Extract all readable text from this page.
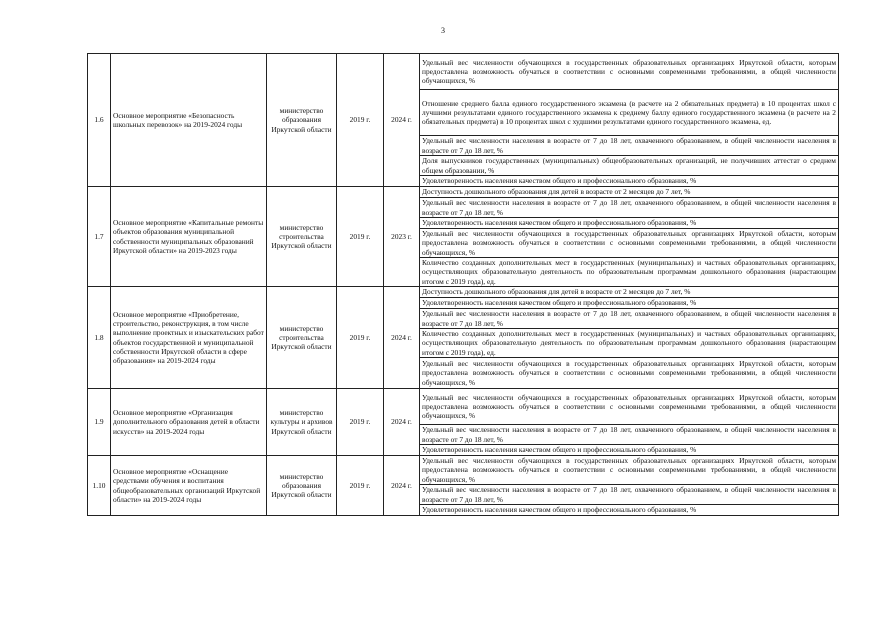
3
1.6	Основное мероприятие «Безопасность школьных перевозок» на 2019-2024 годы	министерство образования Иркутской области	2019 г.	2024 г.	Удельный вес численности обучающихся в государственных образовательных организациях Иркутской области, которым предоставлена возможность обучаться в соответствии с основными современными требованиями, в общей численности обучающихся, %
					Отношение среднего балла единого государственного экзамена (в расчете на 2 обязательных предмета) в 10 процентах школ с лучшими результатами единого государственного экзамена к среднему баллу единого государственного экзамена (в расчете на 2 обязательных предмета) в 10 процентах школ с худшими результатами единого государственного экзамена, ед.
					Удельный вес численности населения в возрасте от 7 до 18 лет, охваченного образованием, в общей численности населения в возрасте от 7 до 18 лет, %
					Доля выпускников государственных (муниципальных) общеобразовательных организаций, не получивших аттестат о среднем общем образовании, %
					Удовлетворенность населения качеством общего и профессионального образования, %
1.7	Основное мероприятие «Капитальные ремонты объектов образования муниципальной собственности муниципальных образований Иркутской области» на 2019-2023 годы	министерство строительства Иркутской области	2019 г.	2023 г.	Доступность дошкольного образования для детей в возрасте от 2 месяцев до 7 лет, %
					Удельный вес численности населения в возрасте от 7 до 18 лет, охваченного образованием, в общей численности населения в возрасте от 7 до 18 лет, %
					Удовлетворенность населения качеством общего и профессионального образования, %
					Удельный вес численности обучающихся в государственных образовательных организациях Иркутской области, которым предоставлена возможность обучаться в соответствии с основными современными требованиями, в общей численности обучающихся, %
					Количество созданных дополнительных мест в государственных (муниципальных) и частных образовательных организациях, осуществляющих образовательную деятельность по образовательным программам дошкольного образования (нарастающим итогом с 2019 года), ед.
1.8	Основное мероприятие «Приобретение, строительство, реконструкция, в том числе выполнение проектных и изыскательских работ объектов государственной и муниципальной собственности Иркутской области в сфере образования» на 2019-2024 годы	министерство строительства Иркутской области	2019 г.	2024 г.	Доступность дошкольного образования для детей в возрасте от 2 месяцев до 7 лет, %
					Удовлетворенность населения качеством общего и профессионального образования, %
					Удельный вес численности населения в возрасте от 7 до 18 лет, охваченного образованием, в общей численности населения в возрасте от 7 до 18 лет, %
					Количество созданных дополнительных мест в государственных (муниципальных) и частных образовательных организациях, осуществляющих образовательную деятельность по образовательным программам дошкольного образования (нарастающим итогом с 2019 года), ед.
					Удельный вес численности обучающихся в государственных образовательных организациях Иркутской области, которым предоставлена возможность обучаться в соответствии с основными современными требованиями, в общей численности обучающихся, %
1.9	Основное мероприятие «Организация дополнительного образования детей в области искусств» на 2019-2024 годы	министерство культуры и архивов Иркутской области	2019 г.	2024 г.	Удельный вес численности обучающихся в государственных образовательных организациях Иркутской области, которым предоставлена возможность обучаться в соответствии с основными современными требованиями, в общей численности обучающихся, %
					Удельный вес численности населения в возрасте от 7 до 18 лет, охваченного образованием, в общей численности населения в возрасте от 7 до 18 лет, %
					Удовлетворенность населения качеством общего и профессионального образования, %
1.10	Основное мероприятие «Оснащение средствами обучения и воспитания общеобразовательных организаций Иркутской области» на 2019-2024 годы	министерство образования Иркутской области	2019 г.	2024 г.	Удельный вес численности обучающихся в государственных образовательных организациях Иркутской области, которым предоставлена возможность обучаться в соответствии с основными современными требованиями, в общей численности обучающихся, %
					Удельный вес численности населения в возрасте от 7 до 18 лет, охваченного образованием, в общей численности населения в возрасте от 7 до 18 лет, %
					Удовлетворенность населения качеством общего и профессионального образования, %
